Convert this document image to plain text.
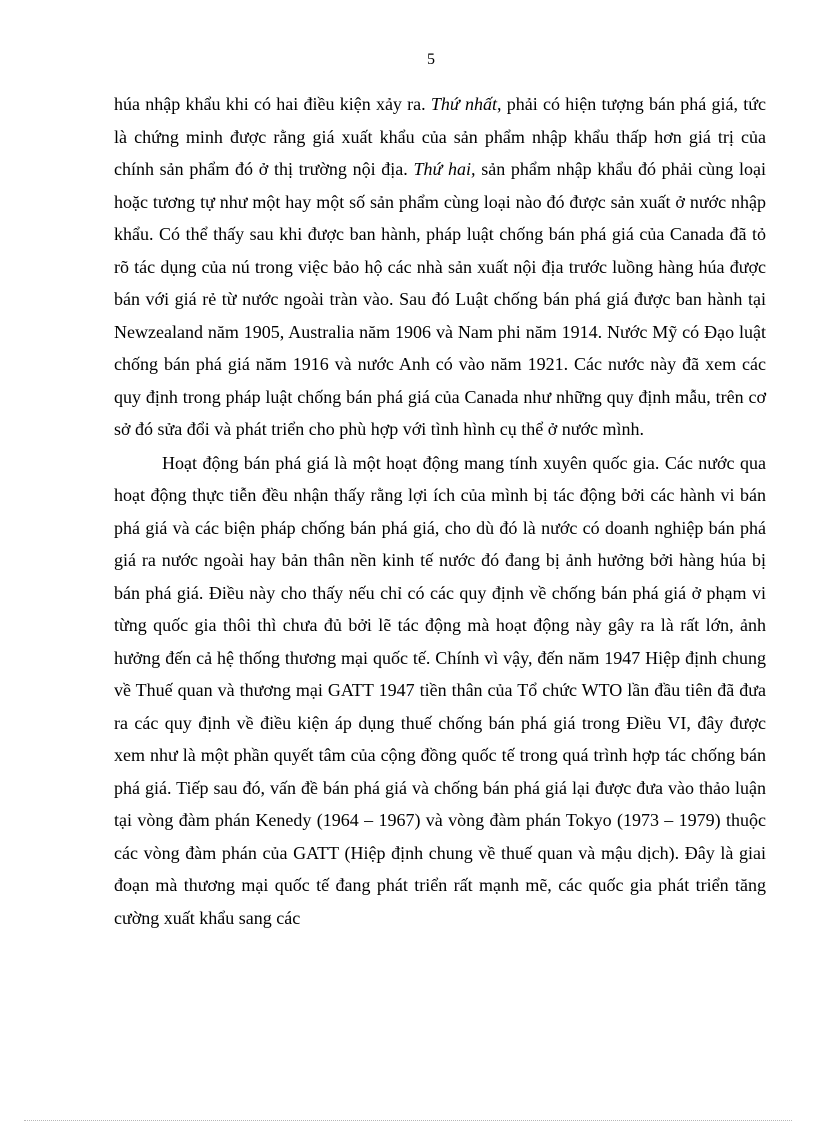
5

húa nhập khẩu khi có hai điều kiện xảy ra. Thứ nhất, phải có hiện tượng bán phá giá, tức là chứng minh được rằng giá xuất khẩu của sản phẩm nhập khẩu thấp hơn giá trị của chính sản phẩm đó ở thị trường nội địa. Thứ hai, sản phẩm nhập khẩu đó phải cùng loại hoặc tương tự như một hay một số sản phẩm cùng loại nào đó được sản xuất ở nước nhập khẩu. Có thể thấy sau khi được ban hành, pháp luật chống bán phá giá của Canada đã tỏ rõ tác dụng của nú trong việc bảo hộ các nhà sản xuất nội địa trước luồng hàng húa được bán với giá rẻ từ nước ngoài tràn vào. Sau đó Luật chống bán phá giá được ban hành tại Newzealand năm 1905, Australia năm 1906 và Nam phi năm 1914. Nước Mỹ có Đạo luật chống bán phá giá năm 1916 và nước Anh có vào năm 1921. Các nước này đã xem các quy định trong pháp luật chống bán phá giá của Canada như những quy định mẫu, trên cơ sở đó sửa đổi và phát triển cho phù hợp với tình hình cụ thể ở nước mình.

Hoạt động bán phá giá là một hoạt động mang tính xuyên quốc gia. Các nước qua hoạt động thực tiễn đều nhận thấy rằng lợi ích của mình bị tác động bởi các hành vi bán phá giá và các biện pháp chống bán phá giá, cho dù đó là nước có doanh nghiệp bán phá giá ra nước ngoài hay bản thân nền kinh tế nước đó đang bị ảnh hưởng bởi hàng húa bị bán phá giá. Điều này cho thấy nếu chỉ có các quy định về chống bán phá giá ở phạm vi từng quốc gia thôi thì chưa đủ bởi lẽ tác động mà hoạt động này gây ra là rất lớn, ảnh hưởng đến cả hệ thống thương mại quốc tế. Chính vì vậy, đến năm 1947 Hiệp định chung về Thuế quan và thương mại GATT 1947 tiền thân của Tổ chức WTO lần đầu tiên đã đưa ra các quy định về điều kiện áp dụng thuế chống bán phá giá trong Điều VI, đây được xem như là một phần quyết tâm của cộng đồng quốc tế trong quá trình hợp tác chống bán phá giá. Tiếp sau đó, vấn đề bán phá giá và chống bán phá giá lại được đưa vào thảo luận tại vòng đàm phán Kenedy (1964 – 1967) và vòng đàm phán Tokyo (1973 – 1979) thuộc các vòng đàm phán của GATT (Hiệp định chung về thuế quan và mậu dịch). Đây là giai đoạn mà thương mại quốc tế đang phát triển rất mạnh mẽ, các quốc gia phát triển tăng cường xuất khẩu sang các
